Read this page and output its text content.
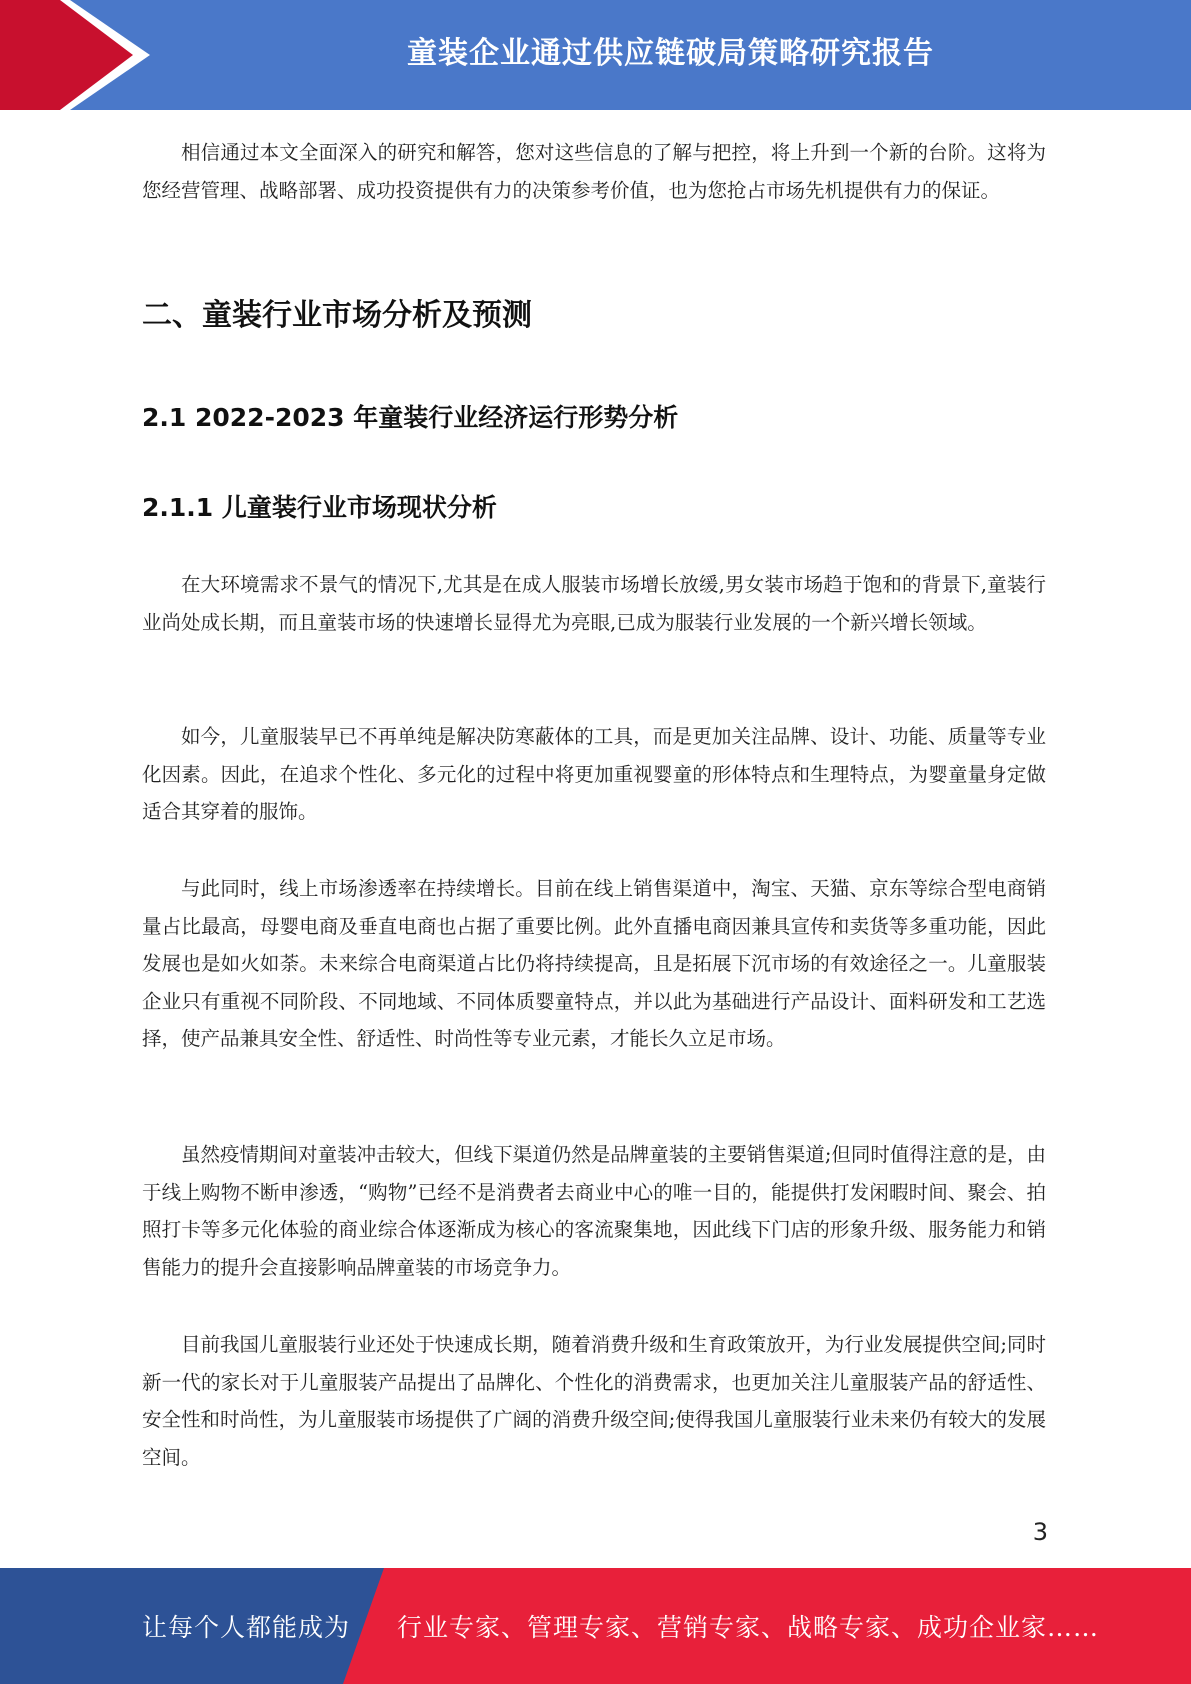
童装企业通过供应链破局策略研究报告

相信通过本文全面深入的研究和解答，您对这些信息的了解与把控，将上升到一个新的台阶。这将为您经营管理、战略部署、成功投资提供有力的决策参考价值，也为您抢占市场先机提供有力的保证。

二、童装行业市场分析及预测
2.1 2022-2023 年童装行业经济运行形势分析
2.1.1 儿童装行业市场现状分析

在大环境需求不景气的情况下,尤其是在成人服装市场增长放缓,男女装市场趋于饱和的背景下,童装行业尚处成长期，而且童装市场的快速增长显得尤为亮眼,已成为服装行业发展的一个新兴增长领域。

如今，儿童服装早已不再单纯是解决防寒蔽体的工具，而是更加关注品牌、设计、功能、质量等专业化因素。因此，在追求个性化、多元化的过程中将更加重视婴童的形体特点和生理特点，为婴童量身定做适合其穿着的服饰。

与此同时，线上市场渗透率在持续增长。目前在线上销售渠道中，淘宝、天猫、京东等综合型电商销量占比最高，母婴电商及垂直电商也占据了重要比例。此外直播电商因兼具宣传和卖货等多重功能，因此发展也是如火如荼。未来综合电商渠道占比仍将持续提高，且是拓展下沉市场的有效途径之一。儿童服装企业只有重视不同阶段、不同地域、不同体质婴童特点，并以此为基础进行产品设计、面料研发和工艺选择，使产品兼具安全性、舒适性、时尚性等专业元素，才能长久立足市场。

虽然疫情期间对童装冲击较大，但线下渠道仍然是品牌童装的主要销售渠道;但同时值得注意的是，由于线上购物不断申渗透，“购物”已经不是消费者去商业中心的唯一目的，能提供打发闲暇时间、聚会、拍照打卡等多元化体验的商业综合体逐渐成为核心的客流聚集地，因此线下门店的形象升级、服务能力和销售能力的提升会直接影响品牌童装的市场竞争力。

目前我国儿童服装行业还处于快速成长期，随着消费升级和生育政策放开，为行业发展提供空间;同时新一代的家长对于儿童服装产品提出了品牌化、个性化的消费需求，也更加关注儿童服装产品的舒适性、安全性和时尚性，为儿童服装市场提供了广阔的消费升级空间;使得我国儿童服装行业未来仍有较大的发展空间。

3
让每个人都能成为 行业专家、管理专家、营销专家、战略专家、成功企业家……
